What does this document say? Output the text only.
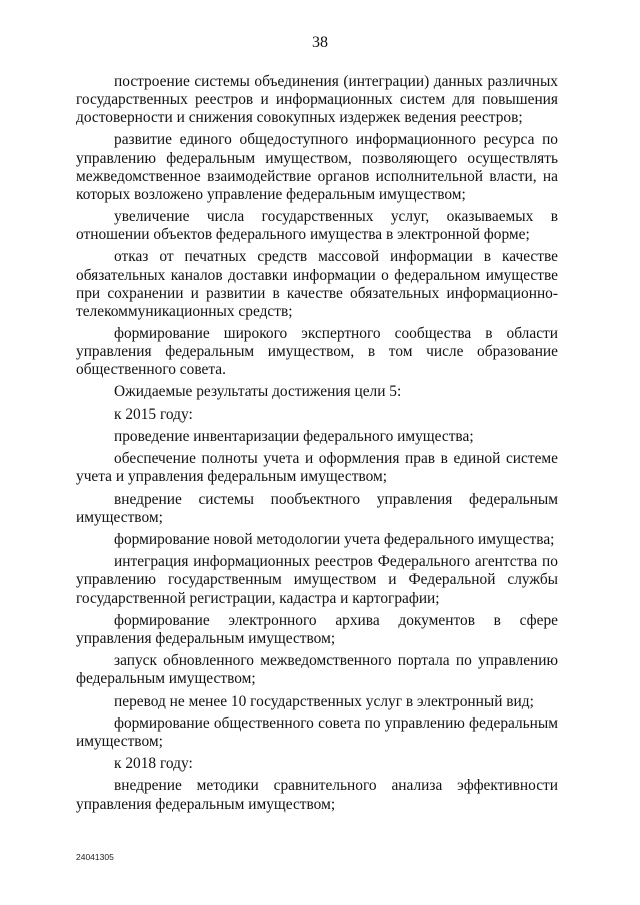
38

построение системы объединения (интеграции) данных различных государственных реестров и информационных систем для повышения достоверности и снижения совокупных издержек ведения реестров;

развитие единого общедоступного информационного ресурса по управлению федеральным имуществом, позволяющего осуществлять межведомственное взаимодействие органов исполнительной власти, на которых возложено управление федеральным имуществом;

увеличение числа государственных услуг, оказываемых в отношении объектов федерального имущества в электронной форме;

отказ от печатных средств массовой информации в качестве обязательных каналов доставки информации о федеральном имуществе при сохранении и развитии в качестве обязательных информационно-телекоммуникационных средств;

формирование широкого экспертного сообщества в области управления федеральным имуществом, в том числе образование общественного совета.

Ожидаемые результаты достижения цели 5:

к 2015 году:

проведение инвентаризации федерального имущества;

обеспечение полноты учета и оформления прав в единой системе учета и управления федеральным имуществом;

внедрение системы пообъектного управления федеральным имуществом;

формирование новой методологии учета федерального имущества;

интеграция информационных реестров Федерального агентства по управлению государственным имуществом и Федеральной службы государственной регистрации, кадастра и картографии;

формирование электронного архива документов в сфере управления федеральным имуществом;

запуск обновленного межведомственного портала по управлению федеральным имуществом;

перевод не менее 10 государственных услуг в электронный вид;

формирование общественного совета по управлению федеральным имуществом;

к 2018 году:

внедрение методики сравнительного анализа эффективности управления федеральным имуществом;

24041305
